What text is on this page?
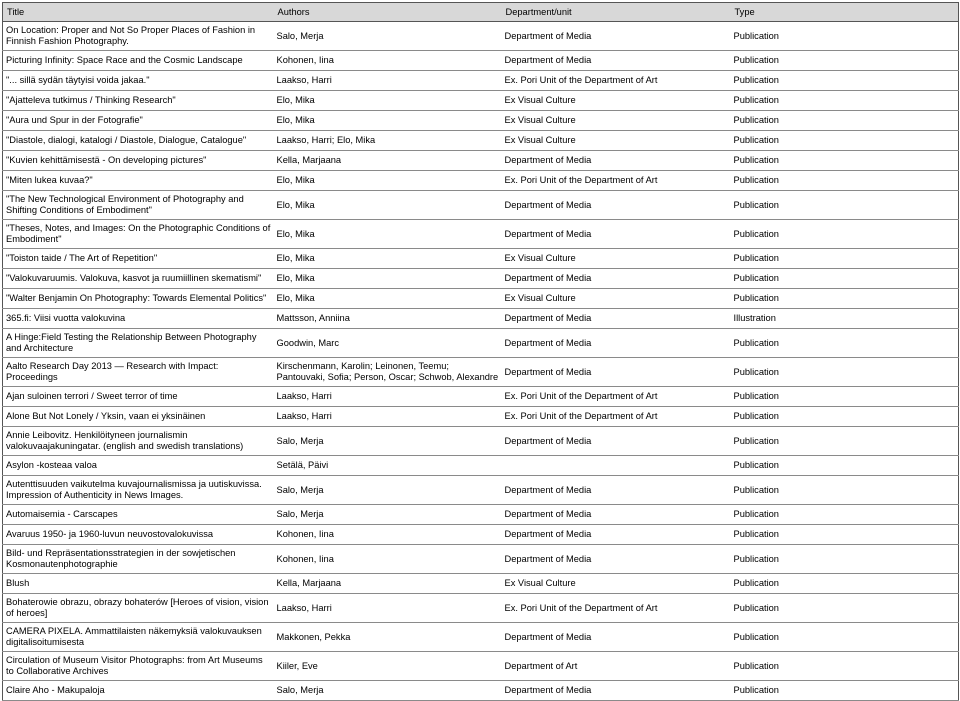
Title	Authors	Department/unit	Type
On Location: Proper and Not So Proper Places of Fashion in Finnish Fashion Photography.	Salo, Merja	Department of Media	Publication
Picturing Infinity: Space Race and the Cosmic Landscape	Kohonen, Iina	Department of Media	Publication
"... sillä sydän täytyisi voida jakaa."	Laakso, Harri	Ex. Pori Unit of the Department of Art	Publication
"Ajatteleva tutkimus / Thinking Research"	Elo, Mika	Ex Visual Culture	Publication
"Aura und Spur in der Fotografie"	Elo, Mika	Ex Visual Culture	Publication
"Diastole, dialogi, katalogi / Diastole, Dialogue, Catalogue"	Laakso, Harri; Elo, Mika	Ex Visual Culture	Publication
"Kuvien kehittämisestä - On developing pictures"	Kella, Marjaana	Department of Media	Publication
"Miten lukea kuvaa?"	Elo, Mika	Ex. Pori Unit of the Department of Art	Publication
"The New Technological Environment of Photography and Shifting Conditions of Embodiment"	Elo, Mika	Department of Media	Publication
"Theses, Notes, and Images: On the Photographic Conditions of Embodiment"	Elo, Mika	Department of Media	Publication
"Toiston taide / The Art of Repetition"	Elo, Mika	Ex Visual Culture	Publication
"Valokuvaruumis. Valokuva, kasvot ja ruumiillinen skematismi"	Elo, Mika	Department of Media	Publication
"Walter Benjamin On Photography: Towards Elemental Politics"	Elo, Mika	Ex Visual Culture	Publication
365.fi: Viisi vuotta valokuvina	Mattsson, Anniina	Department of Media	Illustration
A Hinge:Field Testing the Relationship Between Photography and Architecture	Goodwin, Marc	Department of Media	Publication
Aalto Research Day 2013 — Research with Impact: Proceedings	Kirschenmann, Karolin; Leinonen, Teemu; Pantouvaki, Sofia; Person, Oscar; Schwob, Alexandre	Department of Media	Publication
Ajan suloinen terrori / Sweet terror of time	Laakso, Harri	Ex. Pori Unit of the Department of Art	Publication
Alone But Not Lonely / Yksin, vaan ei yksinäinen	Laakso, Harri	Ex. Pori Unit of the Department of Art	Publication
Annie Leibovitz. Henkilöityneen journalismin valokuvaajakuningatar. (english and swedish translations)	Salo, Merja	Department of Media	Publication
Asylon -kosteaa valoa	Setälä, Päivi		Publication
Autenttisuuden vaikutelma kuvajournalismissa ja uutiskuvissa. Impression of Authenticity in News Images.	Salo, Merja	Department of Media	Publication
Automaisemia - Carscapes	Salo, Merja	Department of Media	Publication
Avaruus 1950- ja 1960-luvun neuvostovalokuvissa	Kohonen, Iina	Department of Media	Publication
Bild- und Repräsentationsstrategien in der sowjetischen Kosmonautenphotographie	Kohonen, Iina	Department of Media	Publication
Blush	Kella, Marjaana	Ex Visual Culture	Publication
Bohaterowie obrazu, obrazy bohaterów [Heroes of vision, vision of heroes]	Laakso, Harri	Ex. Pori Unit of the Department of Art	Publication
CAMERA PIXELA. Ammattilaisten näkemyksiä valokuvauksen digitalisoitumisesta	Makkonen, Pekka	Department of Media	Publication
Circulation of Museum Visitor Photographs: from Art Museums to Collaborative Archives	Kiiler, Eve	Department of Art	Publication
Claire Aho - Makupaloja	Salo, Merja	Department of Media	Publication
